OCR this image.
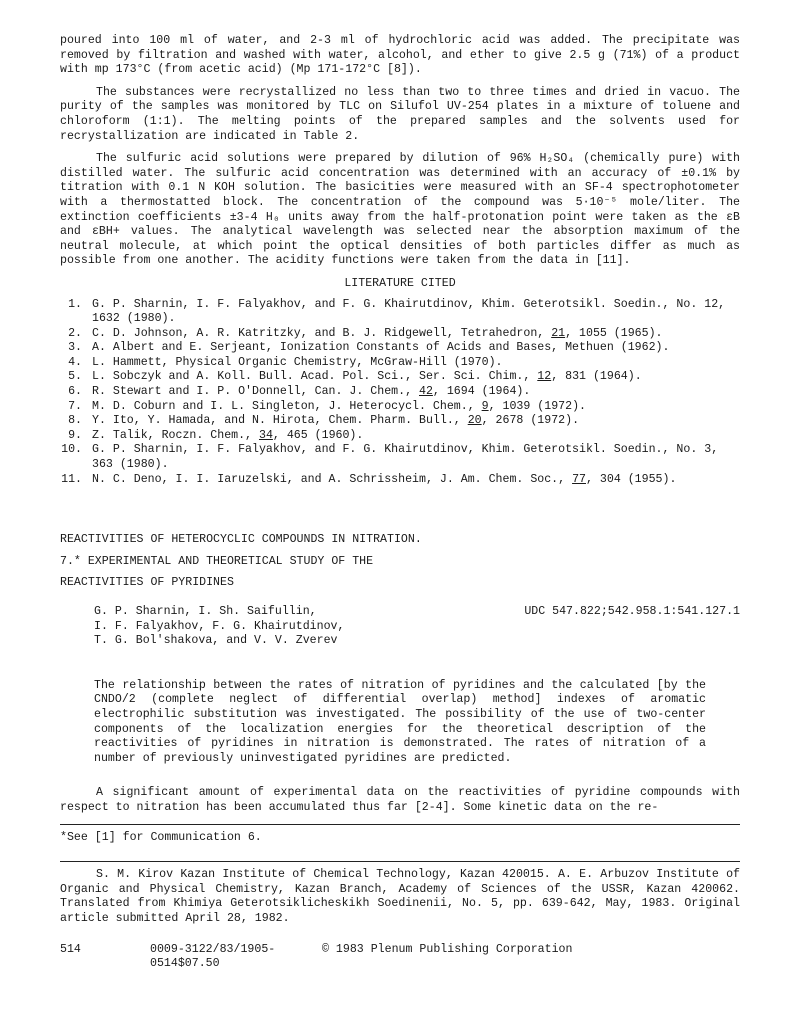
poured into 100 ml of water, and 2-3 ml of hydrochloric acid was added. The precipitate was removed by filtration and washed with water, alcohol, and ether to give 2.5 g (71%) of a product with mp 173°C (from acetic acid) (Mp 171-172°C [8]).

The substances were recrystallized no less than two to three times and dried in vacuo. The purity of the samples was monitored by TLC on Silufol UV-254 plates in a mixture of toluene and chloroform (1:1). The melting points of the prepared samples and the solvents used for recrystallization are indicated in Table 2.

The sulfuric acid solutions were prepared by dilution of 96% H₂SO₄ (chemically pure) with distilled water. The sulfuric acid concentration was determined with an accuracy of ±0.1% by titration with 0.1 N KOH solution. The basicities were measured with an SF-4 spectrophotometer with a thermostatted block. The concentration of the compound was 5·10⁻⁵ mole/liter. The extinction coefficients ±3-4 H₀ units away from the half-protonation point were taken as the εB and εBH+ values. The analytical wavelength was selected near the absorption maximum of the neutral molecule, at which point the optical densities of both particles differ as much as possible from one another. The acidity functions were taken from the data in [11].

LITERATURE CITED
1. G. P. Sharnin, I. F. Falyakhov, and F. G. Khairutdinov, Khim. Geterotsikl. Soedin., No. 12, 1632 (1980).
2. C. D. Johnson, A. R. Katritzky, and B. J. Ridgewell, Tetrahedron, 21, 1055 (1965).
3. A. Albert and E. Serjeant, Ionization Constants of Acids and Bases, Methuen (1962).
4. L. Hammett, Physical Organic Chemistry, McGraw-Hill (1970).
5. L. Sobczyk and A. Koll. Bull. Acad. Pol. Sci., Ser. Sci. Chim., 12, 831 (1964).
6. R. Stewart and I. P. O'Donnell, Can. J. Chem., 42, 1694 (1964).
7. M. D. Coburn and I. L. Singleton, J. Heterocycl. Chem., 9, 1039 (1972).
8. Y. Ito, Y. Hamada, and N. Hirota, Chem. Pharm. Bull., 20, 2678 (1972).
9. Z. Talik, Roczn. Chem., 34, 465 (1960).
10. G. P. Sharnin, I. F. Falyakhov, and F. G. Khairutdinov, Khim. Geterotsikl. Soedin., No. 3, 363 (1980).
11. N. C. Deno, I. I. Iaruzelski, and A. Schrissheim, J. Am. Chem. Soc., 77, 304 (1955).
REACTIVITIES OF HETEROCYCLIC COMPOUNDS IN NITRATION.
7.* EXPERIMENTAL AND THEORETICAL STUDY OF THE
REACTIVITIES OF PYRIDINES
G. P. Sharnin, I. Sh. Saifullin,
I. F. Falyakhov, F. G. Khairutdinov,
T. G. Bol'shakova, and V. V. Zverev
UDC 547.822;542.958.1:541.127.1

The relationship between the rates of nitration of pyridines and the calculated [by the CNDO/2 (complete neglect of differential overlap) method] indexes of aromatic electrophilic substitution was investigated. The possibility of the use of two-center components of the localization energies for the theoretical description of the reactivities of pyridines in nitration is demonstrated. The rates of nitration of a number of previously uninvestigated pyridines are predicted.

A significant amount of experimental data on the reactivities of pyridine compounds with respect to nitration has been accumulated thus far [2-4]. Some kinetic data on the re-

*See [1] for Communication 6.

S. M. Kirov Kazan Institute of Chemical Technology, Kazan 420015. A. E. Arbuzov Institute of Organic and Physical Chemistry, Kazan Branch, Academy of Sciences of the USSR, Kazan 420062. Translated from Khimiya Geterotsiklicheskikh Soedinenii, No. 5, pp. 639-642, May, 1983. Original article submitted April 28, 1982.

514	0009-3122/83/1905-0514$07.50
© 1983 Plenum Publishing Corporation
